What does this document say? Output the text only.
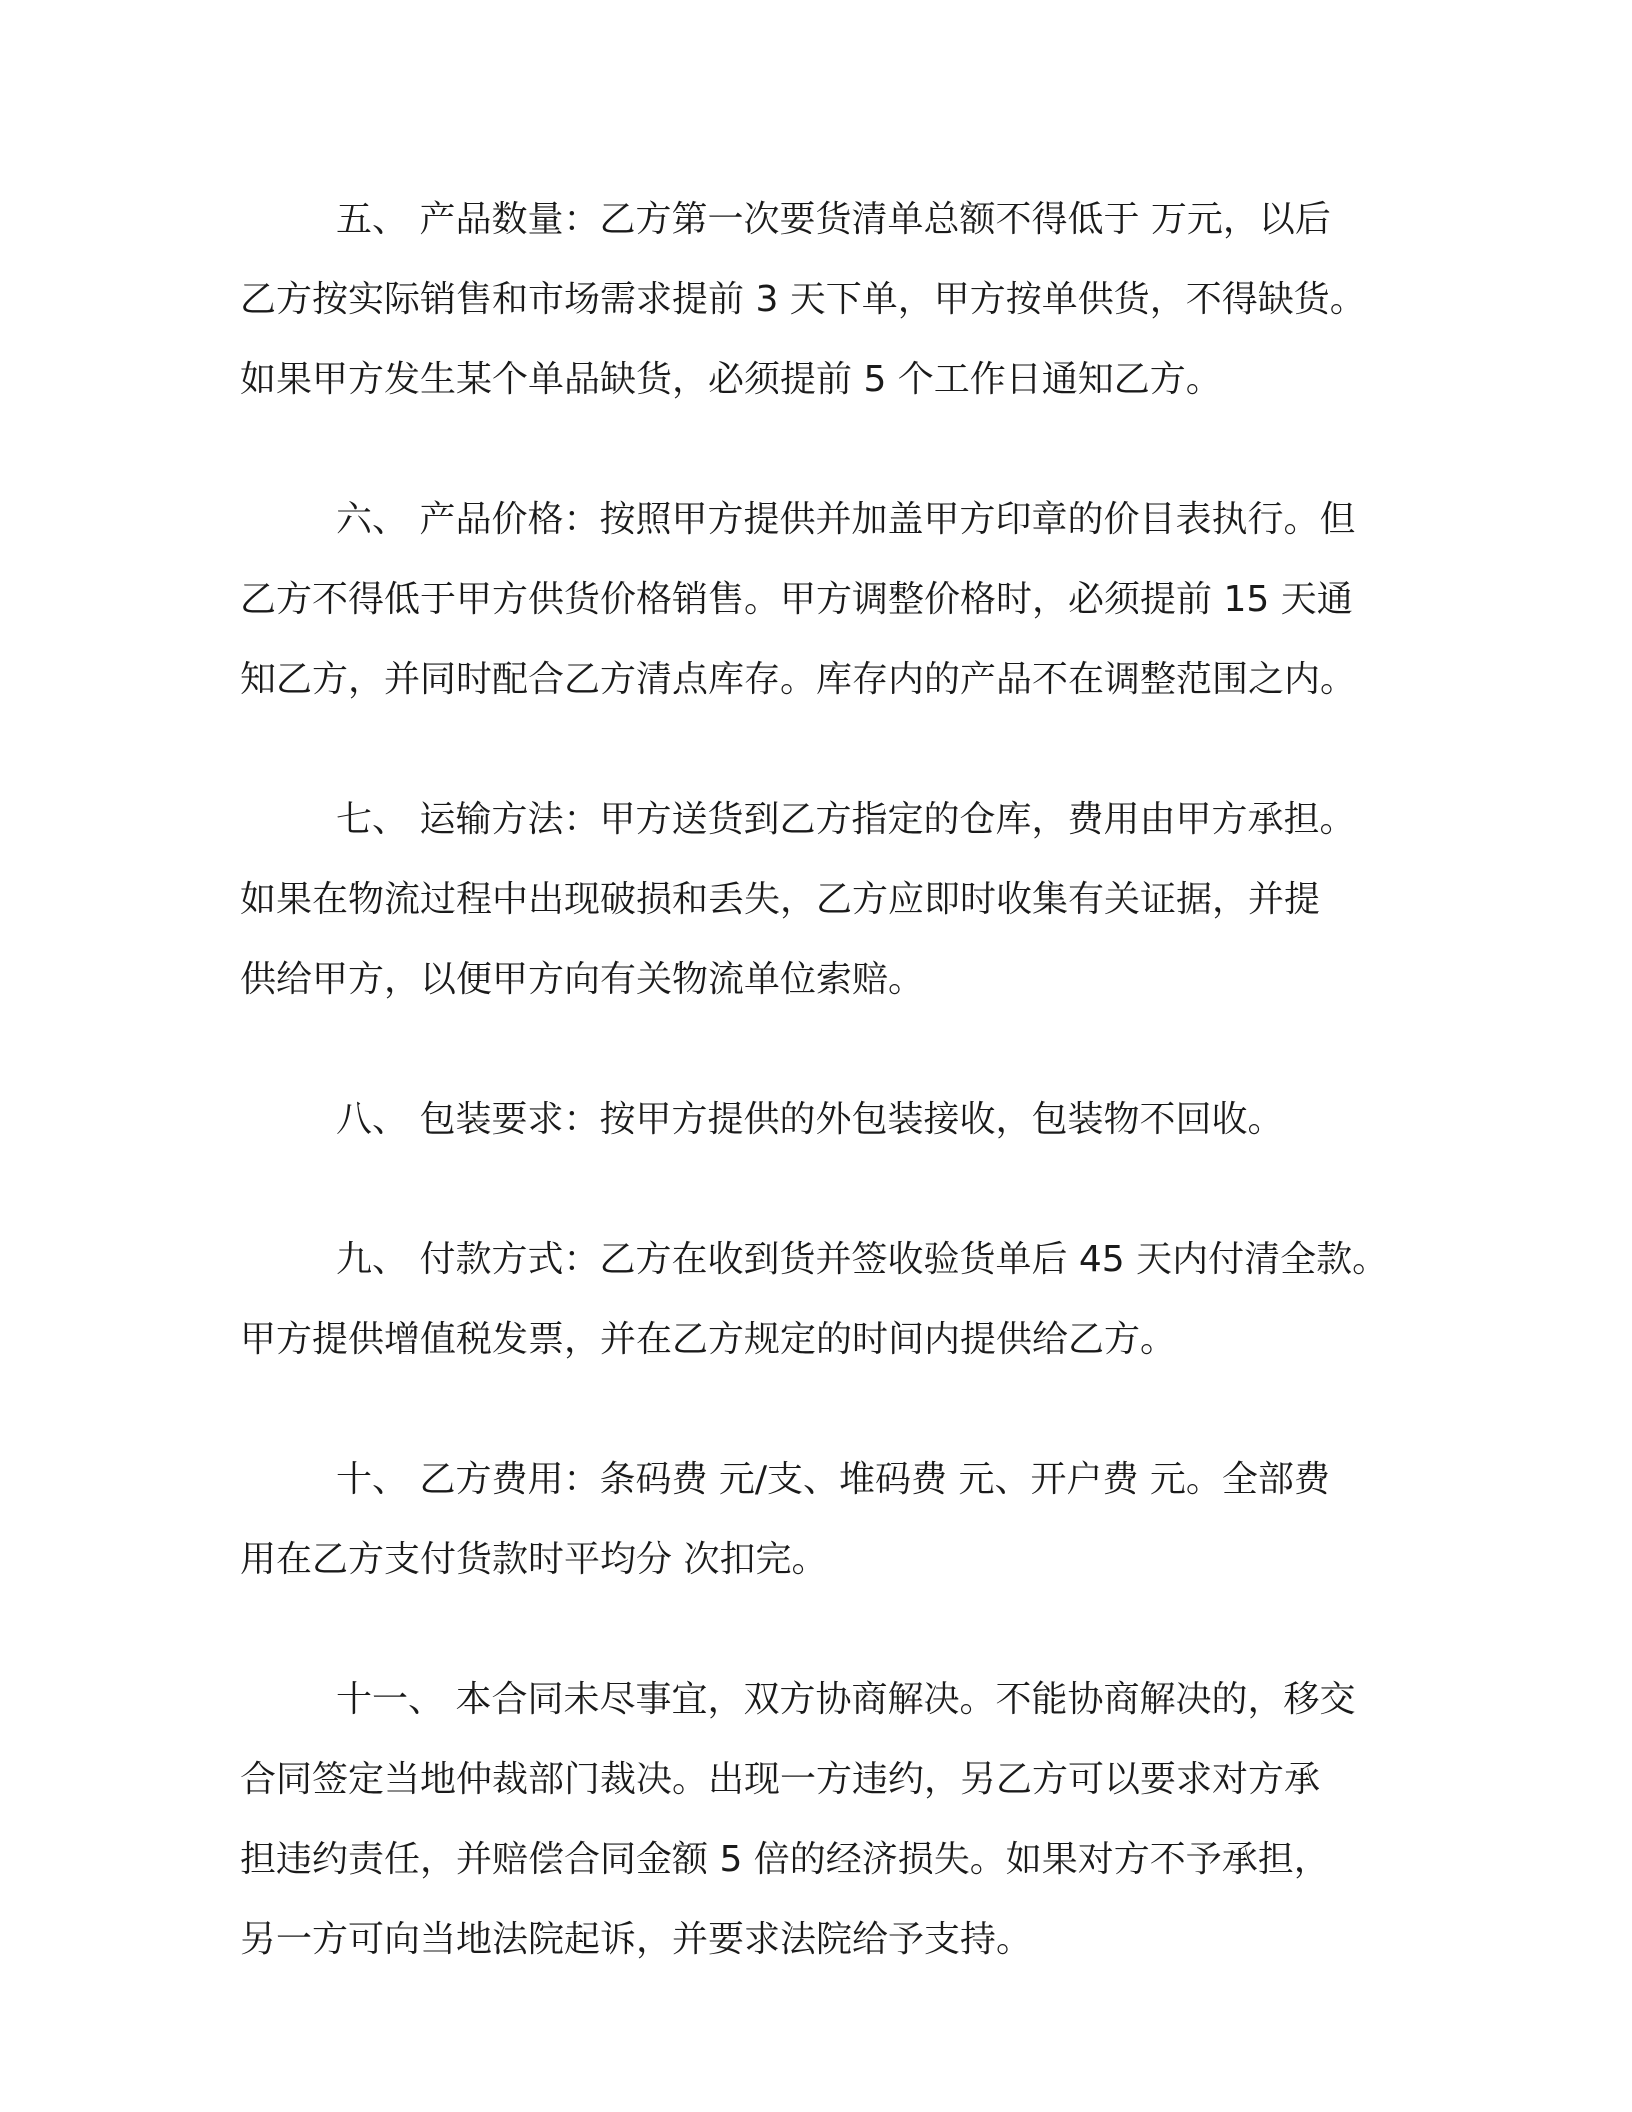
五、 产品数量：乙方第一次要货清单总额不得低于 万元，以后
乙方按实际销售和市场需求提前 3 天下单，甲方按单供货，不得缺货。
如果甲方发生某个单品缺货，必须提前 5 个工作日通知乙方。

六、 产品价格：按照甲方提供并加盖甲方印章的价目表执行。但
乙方不得低于甲方供货价格销售。甲方调整价格时，必须提前 15 天通
知乙方，并同时配合乙方清点库存。库存内的产品不在调整范围之内。

七、 运输方法：甲方送货到乙方指定的仓库，费用由甲方承担。
如果在物流过程中出现破损和丢失，乙方应即时收集有关证据，并提
供给甲方，以便甲方向有关物流单位索赔。

八、 包装要求：按甲方提供的外包装接收，包装物不回收。

九、 付款方式：乙方在收到货并签收验货单后 45 天内付清全款。
甲方提供增值税发票，并在乙方规定的时间内提供给乙方。

十、 乙方费用：条码费 元/支、堆码费 元、开户费 元。全部费
用在乙方支付货款时平均分 次扣完。

十一、 本合同未尽事宜，双方协商解决。不能协商解决的，移交
合同签定当地仲裁部门裁决。出现一方违约，另乙方可以要求对方承
担违约责任，并赔偿合同金额 5 倍的经济损失。如果对方不予承担，
另一方可向当地法院起诉，并要求法院给予支持。
